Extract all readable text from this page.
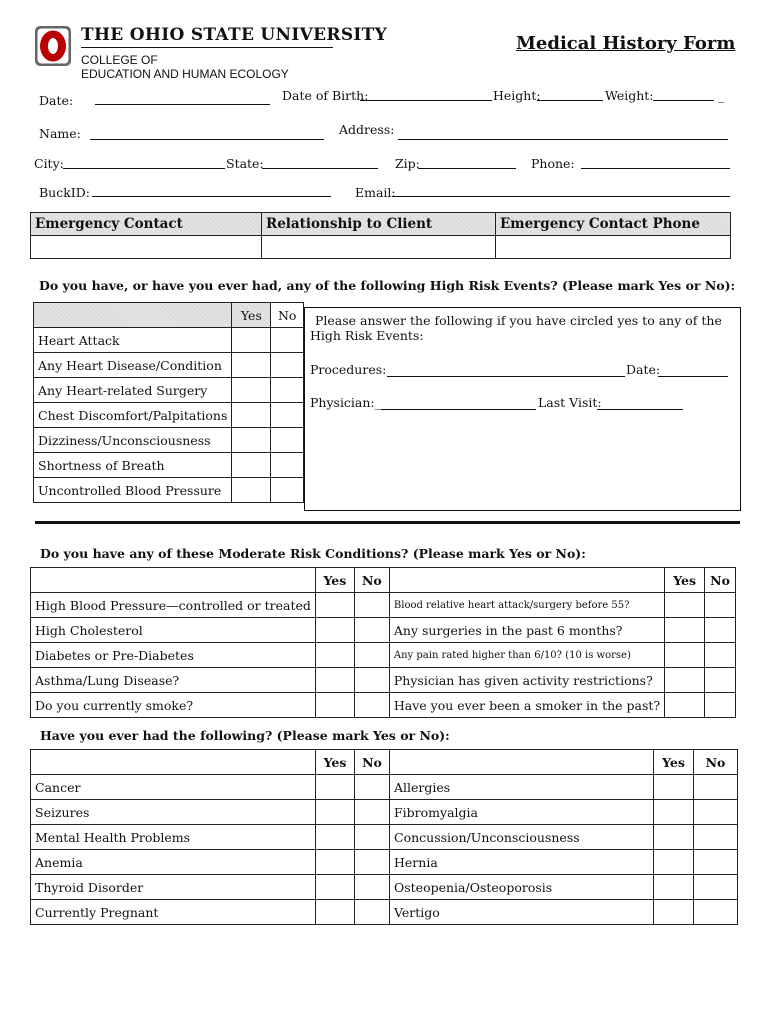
THE OHIO STATE UNIVERSITY
COLLEGE OF
EDUCATION AND HUMAN ECOLOGY
Medical History Form
Date:	Date of Birth:	Height:	Weight:	_
Name:	Address:
City:	State:	Zip:	Phone:
BuckID:	Email:
Emergency Contact	Relationship to Client	Emergency Contact Phone

Do you have, or have you ever had, any of the following High Risk Events? (Please mark Yes or No):
	Yes	No
Heart Attack		
Any Heart Disease/Condition		
Any Heart-related Surgery		
Chest Discomfort/Palpitations		
Dizziness/Unconsciousness		
Shortness of Breath		
Uncontrolled Blood Pressure		
Please answer the following if you have circled yes to any of the
High Risk Events:
Procedures:	Date:
Physician:_	Last Visit:
Do you have any of these Moderate Risk Conditions? (Please mark Yes or No):
	Yes	No		Yes	No
High Blood Pressure—controlled or treated			Blood relative heart attack/surgery before 55?		
High Cholesterol			Any surgeries in the past 6 months?		
Diabetes or Pre-Diabetes			Any pain rated higher than 6/10? (10 is worse)		
Asthma/Lung Disease?			Physician has given activity restrictions?		
Do you currently smoke?			Have you ever been a smoker in the past?		
Have you ever had the following? (Please mark Yes or No):
	Yes	No		Yes	No
Cancer			Allergies		
Seizures			Fibromyalgia		
Mental Health Problems			Concussion/Unconsciousness		
Anemia			Hernia		
Thyroid Disorder			Osteopenia/Osteoporosis		
Currently Pregnant			Vertigo		
